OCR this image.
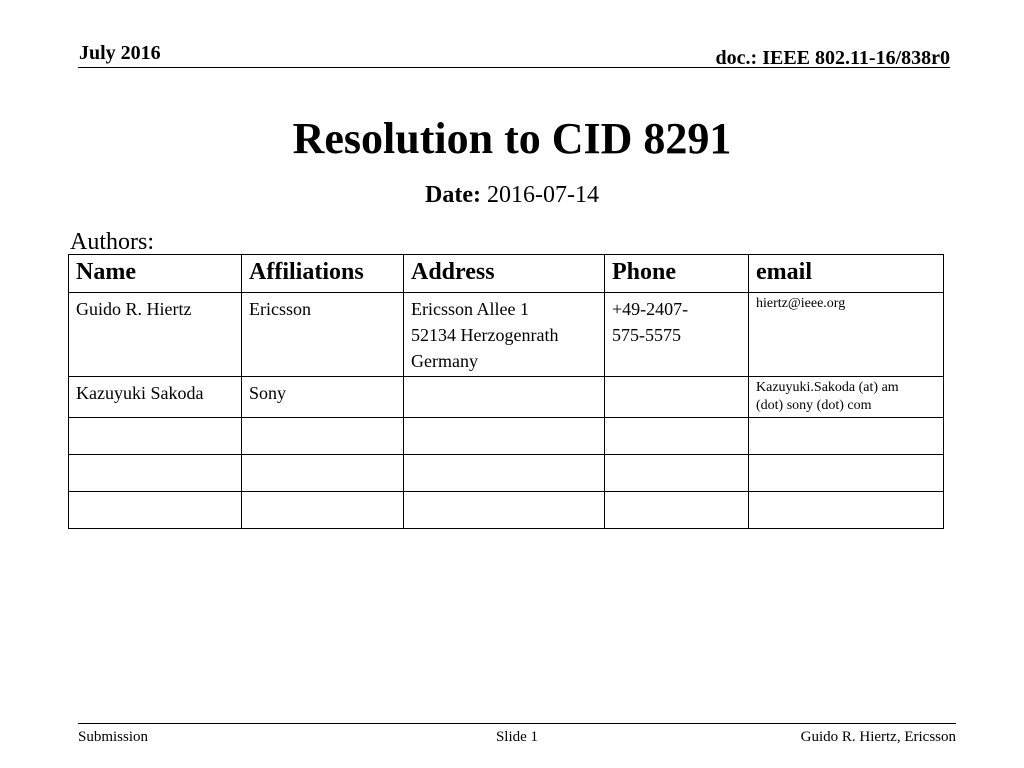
July 2016	doc.: IEEE 802.11-16/838r0
Resolution to CID 8291
Date: 2016-07-14
Authors:
Name	Affiliations	Address	Phone	email

Guido R. Hiertz	Ericsson	Ericsson Allee 1
52134 Herzogenrath
Germany	+49-2407-
575-5575	hiertz@ieee.org

Kazuyuki Sakoda	Sony			Kazuyuki.Sakoda (at) am
(dot) sony (dot) com

Submission	Slide 1	Guido R. Hiertz, Ericsson
